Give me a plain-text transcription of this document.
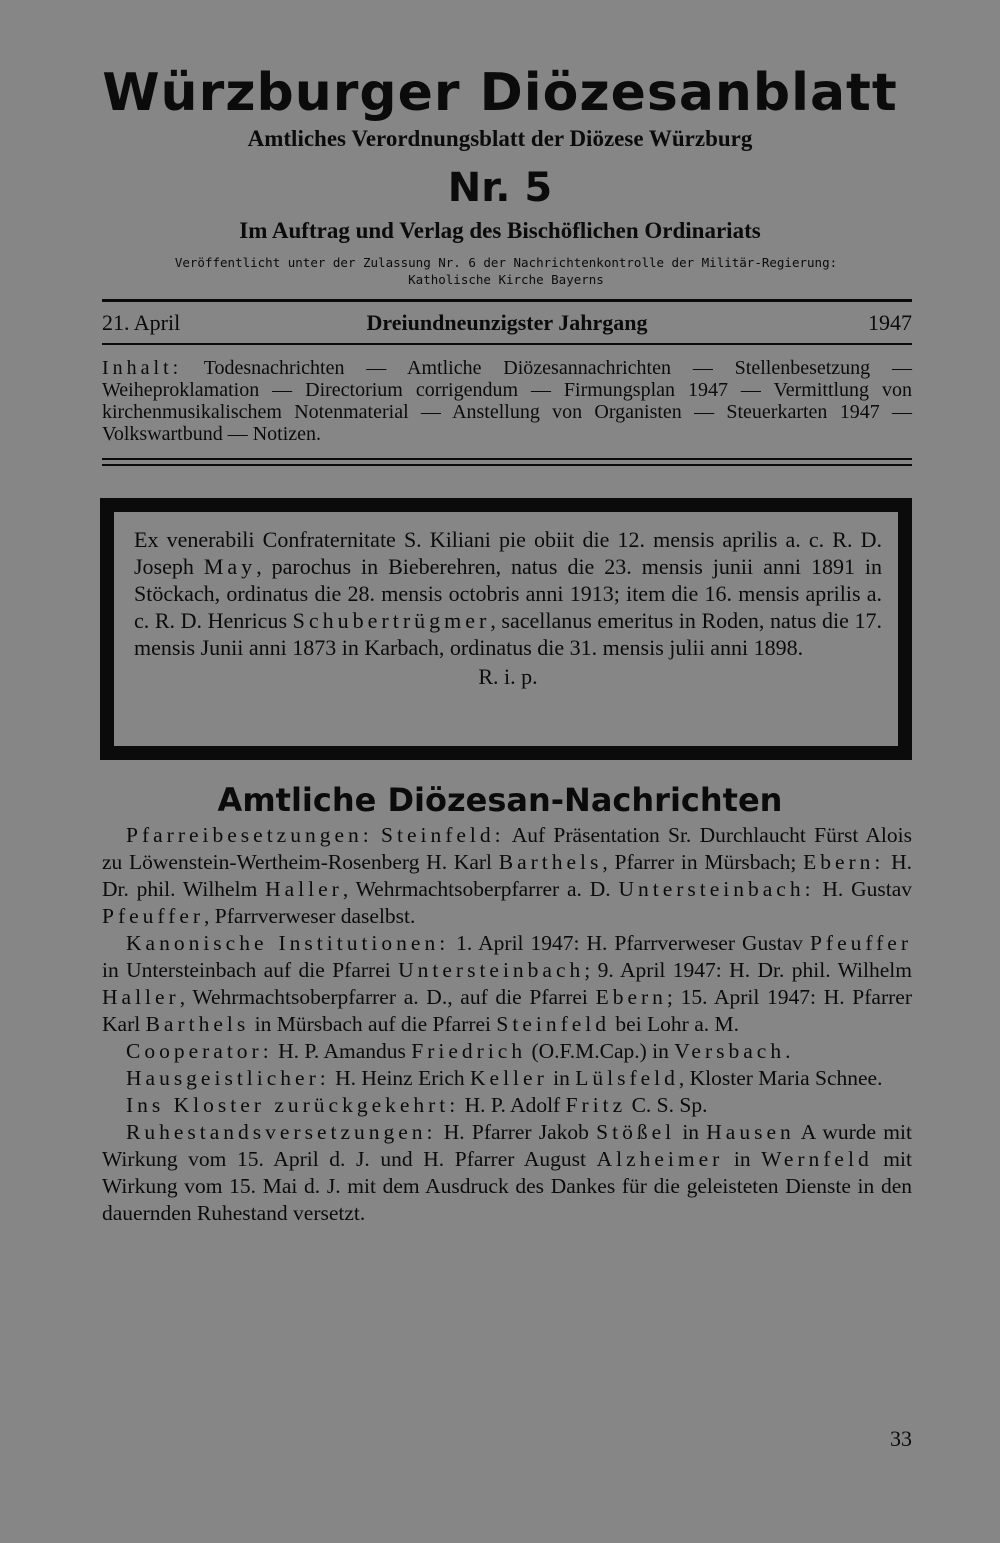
Würzburger Diözesanblatt
Amtliches Verordnungsblatt der Diözese Würzburg
Nr. 5
Im Auftrag und Verlag des Bischöflichen Ordinariats
Veröffentlicht unter der Zulassung Nr. 6 der Nachrichtenkontrolle der Militär-Regierung:
Katholische Kirche Bayerns
21. April	Dreiundneunzigster Jahrgang	1947
Inhalt: Todesnachrichten — Amtliche Diözesannachrichten — Stellenbesetzung — Weiheproklamation — Directorium corrigendum — Firmungsplan 1947 — Vermittlung von kirchenmusikalischem Notenmaterial — Anstellung von Organisten — Steuerkarten 1947 — Volkswartbund — Notizen.
Ex venerabili Confraternitate S. Kiliani pie obiit die 12. mensis aprilis a. c. R. D. Joseph May, parochus in Bieberehren, natus die 23. mensis junii anni 1891 in Stöckach, ordinatus die 28. mensis octobris anni 1913; item die 16. mensis aprilis a. c. R. D. Henricus Schubertrügmer, sacellanus emeritus in Roden, natus die 17. mensis Junii anni 1873 in Karbach, ordinatus die 31. mensis julii anni 1898.
R. i. p.
Amtliche Diözesan-Nachrichten

Pfarreibesetzungen: Steinfeld: Auf Präsentation Sr. Durchlaucht Fürst Alois zu Löwenstein-Wertheim-Rosenberg H. Karl Barthels, Pfarrer in Mürsbach; Ebern: H. Dr. phil. Wilhelm Haller, Wehrmachtsoberpfarrer a. D. Untersteinbach: H. Gustav Pfeuffer, Pfarrverweser daselbst.

Kanonische Institutionen: 1. April 1947: H. Pfarrverweser Gustav Pfeuffer in Untersteinbach auf die Pfarrei Untersteinbach; 9. April 1947: H. Dr. phil. Wilhelm Haller, Wehrmachtsoberpfarrer a. D., auf die Pfarrei Ebern; 15. April 1947: H. Pfarrer Karl Barthels in Mürsbach auf die Pfarrei Steinfeld bei Lohr a. M.

Cooperator: H. P. Amandus Friedrich (O.F.M.Cap.) in Versbach.

Hausgeistlicher: H. Heinz Erich Keller in Lülsfeld, Kloster Maria Schnee.

Ins Kloster zurückgekehrt: H. P. Adolf Fritz C. S. Sp.

Ruhestandsversetzungen: H. Pfarrer Jakob Stößel in Hausen A wurde mit Wirkung vom 15. April d. J. und H. Pfarrer August Alzheimer in Wernfeld mit Wirkung vom 15. Mai d. J. mit dem Ausdruck des Dankes für die geleisteten Dienste in den dauernden Ruhestand versetzt.

33
